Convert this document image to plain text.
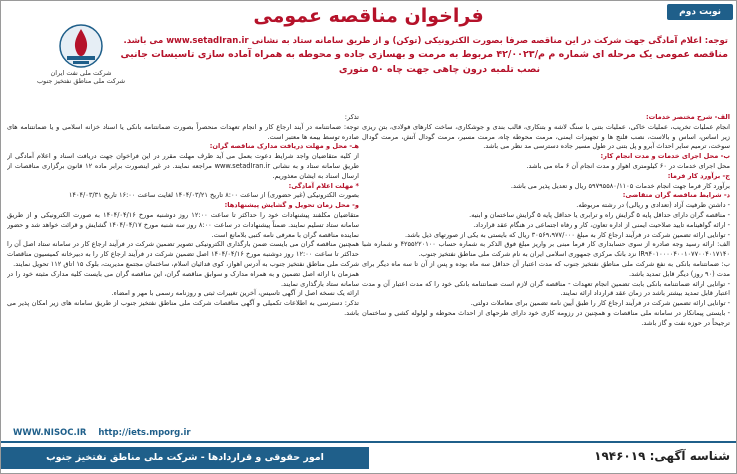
نوبت دوم
فراخوان مناقصه عمومی
شرکت ملی نفت ایران
شرکت ملی مناطق نفتخیز جنوب
توجه: اعلام آمادگی جهت شرکت در این مناقصه صرفا بصورت الکترونیکی (توکن) و از طریق سامانه ستاد به نشانی www.setadIran.ir می باشد.
مناقصه عمومی یک مرحله ای شماره م م/۴۲/۰۰۲۳ مربوط به مرمت و بهسازی جاده و محوطه به همراه آماده سازی تاسیسات جانبی
نصب تلمبه درون چاهی جهت چاه ۵۰ متوری

الف- شرح مختصر خدمات:

انجام عملیات تخریب، عملیات خاکی، عملیات بتنی با سنگ لاشه و بتنکاری، قالب بندی و جوشکاری، ساخت کارهای فولادی، بتن ریزی زیر اساس، اساس و بالاست، نصب فلنج ها و تجهیزات ایمنی، مرمت محوطه چاه، مرمت مسیر، مرمت گودال آتش، مرمت گودال سوخت، ترمیم سایر احداث آبرو و پل بتنی در طول مسیر جاده دسترسی مد نظر می باشد.

ب- محل اجرای خدمات و مدت انجام کار:

محل اجرای خدمات در ۶۰ کیلومتری اهواز و مدت انجام آن ۶ ماه می باشد.

ج- برآورد کار فرما:

برآورد کار فرما جهت انجام خدمات ۵۹۷۹۵۵۸۰/۱۱۰۵ ریال و تعدیل پذیر می باشد.

د- شرایط مناقصه گران متقاضی:

- داشتن ظرفیت آزاد (تعدادی و ریالی) در رشته مربوطه.

- مناقصه گران دارای حداقل پایه ۵ گرایش راه و ترابری یا حداقل پایه ۵ گرایش ساختمان و ابنیه.

- ارائه گواهینامه تایید صلاحیت ایمنی از اداره تعاون، کار و رفاه اجتماعی در هنگام عقد قرارداد.

- توانایی ارائه تضمین شرکت در فرآیند ارجاع کار به مبلغ ۳۰۵۶۹،۹۷۷/۰۰۰ ریال که بایستی به یکی از صورتهای ذیل باشد.

الف: ارائه رسید وجه صادره از سوی حسابداری کار فرما مبنی بر واریز مبلغ فوق الذکر به شماره حساب ۴۲۵۵۲۲۰۱۰۰ و شماره شبا IR۹۴۰۱۰۰۰۰۴۰۰۱۰۷۷۰۰۴۰۱۷۱۴۰ نزد بانک مرکزی جمهوری اسلامی ایران به نام شرکت ملی مناطق نفتخیز جنوب.

ب: ضمانتنامه بانکی به نفع شرکت ملی مناطق نفتخیز جنوب که مدت اعتبار آن حداقل سه ماه بوده و پس از آن تا سه ماه دیگر برای مدت (۹۰ روز) دیگر قابل تمدید باشد.

- توانایی ارائه ضمانتنامه بانکی بابت تضمین انجام تعهدات - مناقصه گران لازم است ضمانتنامه بانکی خود را که مدت اعتبار آن و مدت اعتبار قابل تمدید بیشتر باشد در زمان عقد قرارداد ارائه نمایند.

- توانایی ارائه تضمین شرکت در فرآیند ارجاع کار را طبق آیین نامه تضمین برای معاملات دولتی.

- بایستی پیمانکار در سامانه ملی مناقصات و همچنین در رزومه کاری خود دارای طرحهای از احداث محوطه و لولوله کشی و ساختمان ترجیحاً در حوزه نفت و گاز باشد.

تذکر:

توجه: ضمانتنامه در آیند ارجاع کار و انجام تعهدات منحصراً بصورت ضمانتنامه بانکی یا اسناد خزانه اسلامی و یا ضمانتنامه های صادره توسط بیمه ها معتبر است.

هـ- محل و مهلت دریافت مدارک مناقصه گران:

از کلیه متقاضیان واجد شرایط دعوت بعمل می آید ظرف مهلت مقرر در این فراخوان جهت دریافت اسناد و اعلام آمادگی از طریق سامانه ستاد و به نشانی www.setadIran.ir مراجعه نمایند. در غیر اینصورت برابر ماده ۱۲ قانون برگزاری مناقصات از ارسال اسناد به ایشان معذوریم.

* مهلت اعلام آمادگی:

بصورت الکترونیکی (غیر حضوری) از ساعت ۸:۰۰ تاریخ ۱۴۰۴/۰۳/۲۱ لغایت ساعت ۱۶:۰۰ تاریخ ۱۴۰۴/۰۳/۳۱

و- محل زمان تحویل و گشایش پیشنهادها:

متقاضیان مکلفند پیشنهادات خود را حداکثر تا ساعت ۱۲:۰۰ روز دوشنبه مورخ ۱۴۰۴/۰۴/۱۶ به صورت الکترونیکی و از طریق سامانه ستاد تسلیم نمایند. ضمناً پیشنهادات در ساعت ۸:۰۰ روز سه شنبه مورخ ۱۴۰۴/۰۴/۱۷ گشایش و قرائت خواهد شد و حضور نماینده مناقصه گران با معرفی نامه کتبی بلامانع است.

همچنین مناقصه گران می بایست ضمن بارگذاری الکترونیکی تصویر تضمین شرکت در فرآیند ارجاع کار در سامانه ستاد اصل آن را حداکثر تا ساعت ۱۲:۰۰ روز دوشنبه مورخ ۱۴۰۴/۰۴/۱۶ اصل تضمین شرکت در فرآیند ارجاع کار را به دبیرخانه کمیسیون مناقصات شرکت ملی مناطق نفتخیز جنوب به آدرس اهواز، کوی فدائیان اسلام، ساختمان مجتمع مدیریت، بلوک ۱۵ اتاق ۱۱۲ تحویل نمایند.

همزمان با ارائه اصل تضمین و به همراه مدارک و سوابق مناقصه گران، این مناقصه گران می بایست کلیه مدارک مثبته خود را در سامانه ستاد بارگذاری نمایند.

ارائه یک نسخه اصل از آگهی تاسیس، آخرین تغییرات ثبتی و روزنامه رسمی با مهر و امضاء.

تذکر: دسترسی به اطلاعات تکمیلی و آگهی مناقصات شرکت ملی مناطق نفتخیز جنوب از طریق سامانه های زیر امکان پذیر می باشد.

WWW.NISOC.IR http://iets.mporg.ir
شناسه آگهی: ۱۹۴۶۰۱۹
امور حقوقی و قراردادها - شرکت ملی مناطق نفتخیز جنوب
